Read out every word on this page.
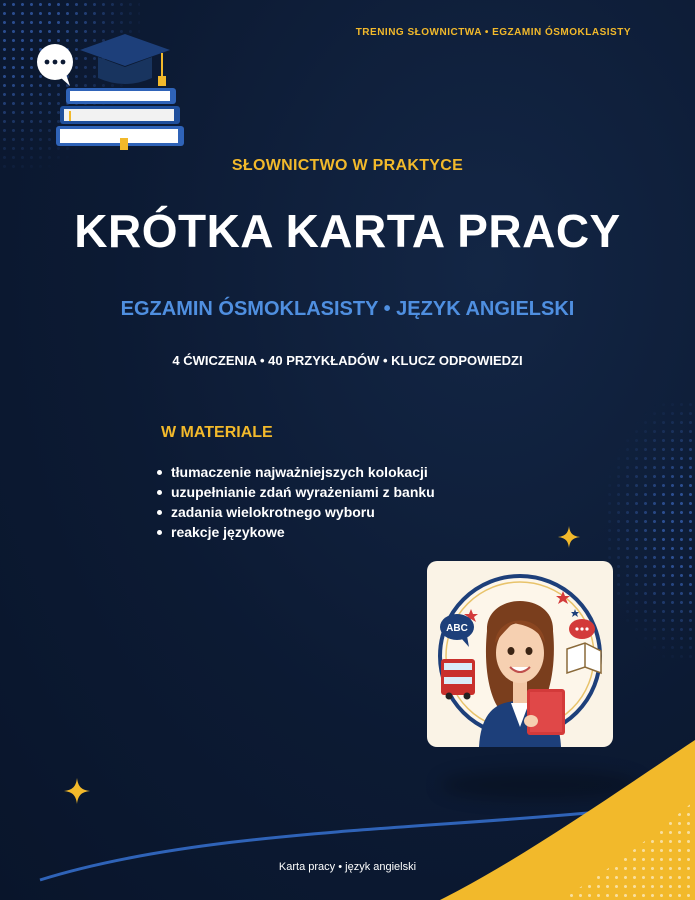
TRENING SŁOWNICTWA • EGZAMIN ÓSMOKLASISTY
SŁOWNICTWO W PRAKTYCE
KRÓTKA KARTA PRACY
EGZAMIN ÓSMOKLASISTY • JĘZYK ANGIELSKI
4 ĆWICZENIA • 40 PRZYKŁADÓW • KLUCZ ODPOWIEDZI
W MATERIALE
tłumaczenie najważniejszych kolokacji
uzupełnianie zdań wyrażeniami z banku
zadania wielokrotnego wyboru
reakcje językowe
ABC
Karta pracy • język angielski
